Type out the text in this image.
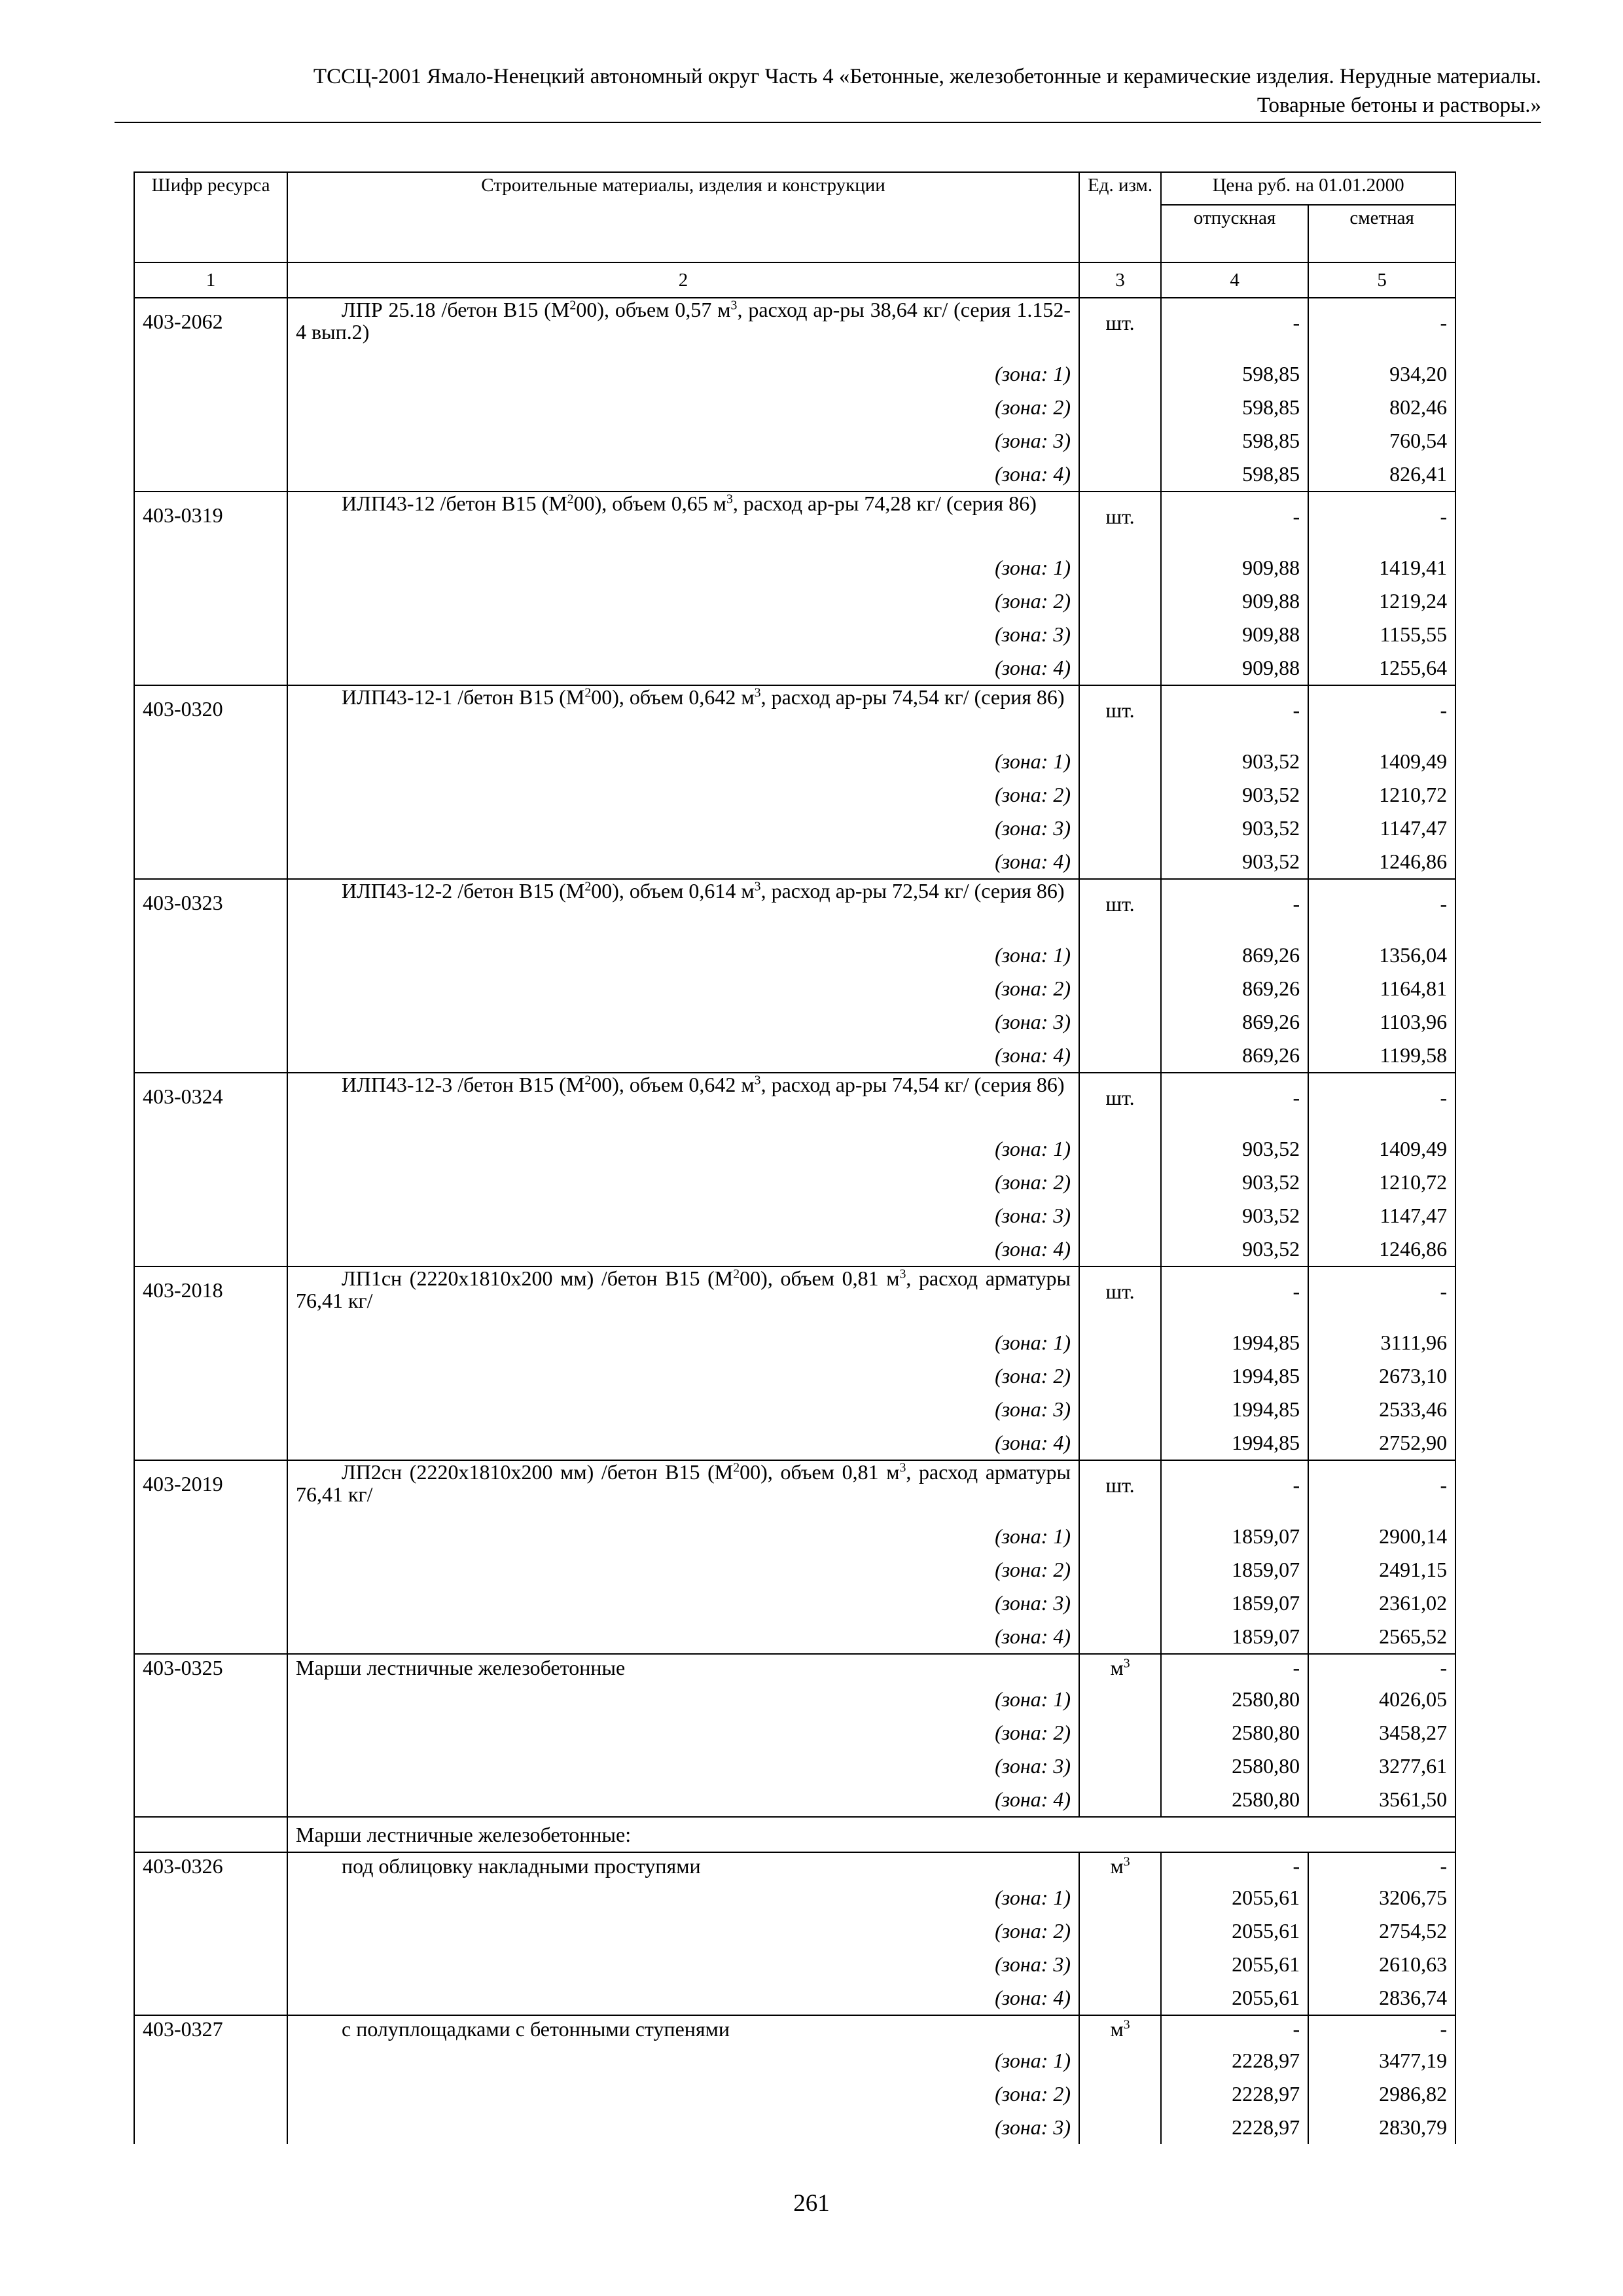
ТССЦ-2001 Ямало-Ненецкий автономный округ Часть 4 «Бетонные, железобетонные и керамические изделия. Нерудные материалы.
Товарные бетоны и растворы.»
Шифр ресурса	Строительные материалы, изделия и конструкции	Ед. изм.	Цена руб. на 01.01.2000	
			отпускная	сметная
1	2	3	4	5
403-2062	ЛПР 25.18 /бетон В15 $(М^200)$, объем 0,57 $м^3$, расход ар-ры 38,64 кг/ (серия 1.152-4 вып.2)	шт.	-	-
	(зона: 1)		598,85	934,20
	(зона: 2)		598,85	802,46
	(зона: 3)		598,85	760,54
	(зона: 4)		598,85	826,41
403-0319	ИЛП43-12 /бетон В15 $(М^200)$, объем 0,65 $м^3$, расход ар-ры 74,28 кг/ (серия 86)	шт.	-	-
	(зона: 1)		909,88	1419,41
	(зона: 2)		909,88	1219,24
	(зона: 3)		909,88	1155,55
	(зона: 4)		909,88	1255,64
403-0320	ИЛП43-12-1 /бетон В15 $(М^200)$, объем 0,642 $м^3$, расход ар-ры 74,54 кг/ (серия 86)	шт.	-	-
	(зона: 1)		903,52	1409,49
	(зона: 2)		903,52	1210,72
	(зона: 3)		903,52	1147,47
	(зона: 4)		903,52	1246,86
403-0323	ИЛП43-12-2 /бетон В15 $(М^200)$, объем 0,614 $м^3$, расход ар-ры 72,54 кг/ (серия 86)	шт.	-	-
	(зона: 1)		869,26	1356,04
	(зона: 2)		869,26	1164,81
	(зона: 3)		869,26	1103,96
	(зона: 4)		869,26	1199,58
403-0324	ИЛП43-12-3 /бетон В15 $(М^200)$, объем 0,642 $м^3$, расход ар-ры 74,54 кг/ (серия 86)	шт.	-	-
	(зона: 1)		903,52	1409,49
	(зона: 2)		903,52	1210,72
	(зона: 3)		903,52	1147,47
	(зона: 4)		903,52	1246,86
403-2018	ЛП1сн (2220х1810х200 мм) /бетон В15 $(М^200)$, объем 0,81 $м^3$, расход арматуры 76,41 кг/	шт.	-	-
	(зона: 1)		1994,85	3111,96
	(зона: 2)		1994,85	2673,10
	(зона: 3)		1994,85	2533,46
	(зона: 4)		1994,85	2752,90
403-2019	ЛП2сн (2220х1810х200 мм) /бетон В15 $(М^200)$, объем 0,81 $м^3$, расход арматуры 76,41 кг/	шт.	-	-
	(зона: 1)		1859,07	2900,14
	(зона: 2)		1859,07	2491,15
	(зона: 3)		1859,07	2361,02
	(зона: 4)		1859,07	2565,52
403-0325	Марши лестничные железобетонные	$м^3$	-	-
	(зона: 1)		2580,80	4026,05
	(зона: 2)		2580,80	3458,27
	(зона: 3)		2580,80	3277,61
	(зона: 4)		2580,80	3561,50
	Марши лестничные железобетонные:			
403-0326	под облицовку накладными проступями	$м^3$	-	-
	(зона: 1)		2055,61	3206,75
	(зона: 2)		2055,61	2754,52
	(зона: 3)		2055,61	2610,63
	(зона: 4)		2055,61	2836,74
403-0327	с полуплощадками с бетонными ступенями	$м^3$	-	-
	(зона: 1)		2228,97	3477,19
	(зона: 2)		2228,97	2986,82
	(зона: 3)		2228,97	2830,79
261
